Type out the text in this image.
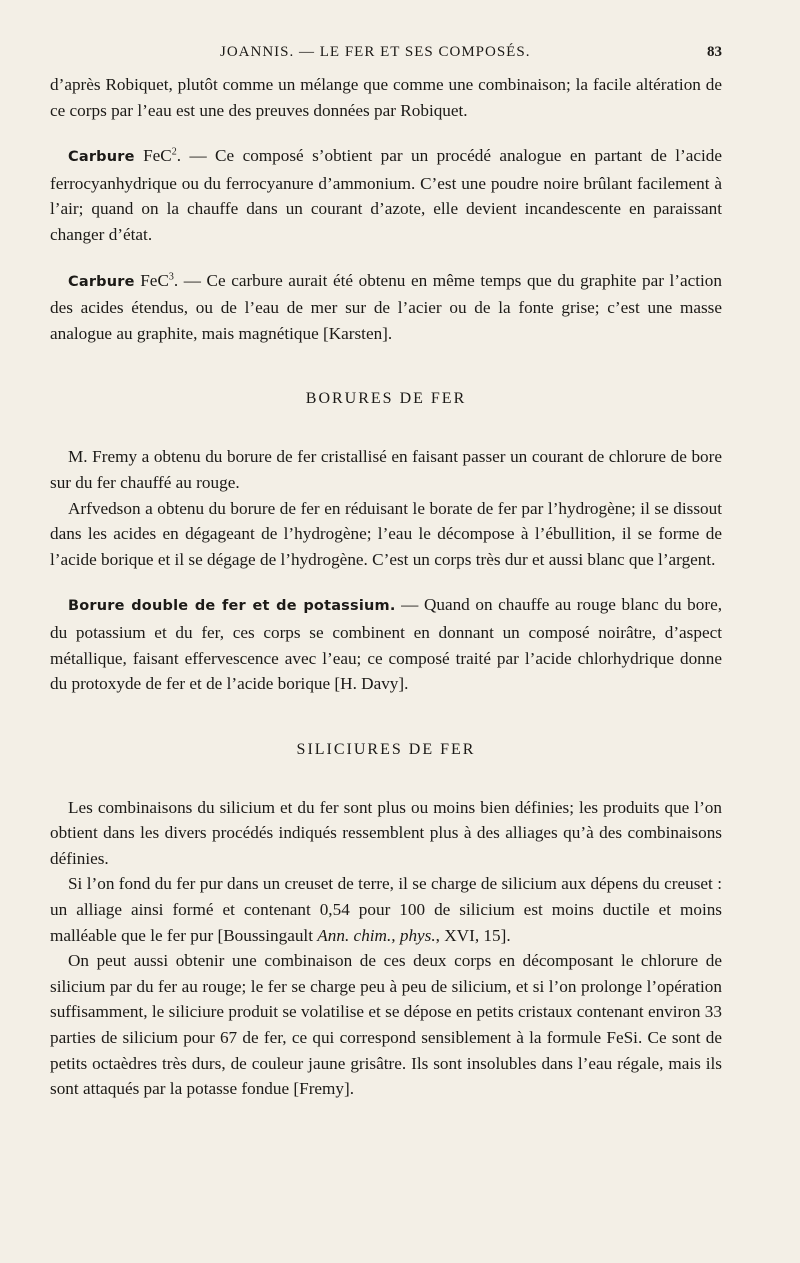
JOANNIS. — LE FER ET SES COMPOSÉS.	83

d’après Robiquet, plutôt comme un mélange que comme une combinaison; la facile altération de ce corps par l’eau est une des preuves données par Robiquet.

Carbure FeC$^2$. — Ce composé s’obtient par un procédé analogue en partant de l’acide ferrocyanhydrique ou du ferrocyanure d’ammonium. C’est une poudre noire brûlant facilement à l’air; quand on la chauffe dans un courant d’azote, elle devient incandescente en paraissant changer d’état.

Carbure FeC$^3$. — Ce carbure aurait été obtenu en même temps que du graphite par l’action des acides étendus, ou de l’eau de mer sur de l’acier ou de la fonte grise; c’est une masse analogue au graphite, mais magnétique [Karsten].

BORURES DE FER

M. Fremy a obtenu du borure de fer cristallisé en faisant passer un courant de chlorure de bore sur du fer chauffé au rouge.

Arfvedson a obtenu du borure de fer en réduisant le borate de fer par l’hydrogène; il se dissout dans les acides en dégageant de l’hydrogène; l’eau le décompose à l’ébullition, il se forme de l’acide borique et il se dégage de l’hydrogène. C’est un corps très dur et aussi blanc que l’argent.

Borure double de fer et de potassium. — Quand on chauffe au rouge blanc du bore, du potassium et du fer, ces corps se combinent en donnant un composé noirâtre, d’aspect métallique, faisant effervescence avec l’eau; ce composé traité par l’acide chlorhydrique donne du protoxyde de fer et de l’acide borique [H. Davy].

SILICIURES DE FER

Les combinaisons du silicium et du fer sont plus ou moins bien définies; les produits que l’on obtient dans les divers procédés indiqués ressemblent plus à des alliages qu’à des combinaisons définies.

Si l’on fond du fer pur dans un creuset de terre, il se charge de silicium aux dépens du creuset : un alliage ainsi formé et contenant 0,54 pour 100 de silicium est moins ductile et moins malléable que le fer pur [Boussingault Ann. chim., phys., XVI, 15].

On peut aussi obtenir une combinaison de ces deux corps en décomposant le chlorure de silicium par du fer au rouge; le fer se charge peu à peu de silicium, et si l’on prolonge l’opération suffisamment, le siliciure produit se volatilise et se dépose en petits cristaux contenant environ 33 parties de silicium pour 67 de fer, ce qui correspond sensiblement à la formule FeSi. Ce sont de petits octaèdres très durs, de couleur jaune grisâtre. Ils sont insolubles dans l’eau régale, mais ils sont attaqués par la potasse fondue [Fremy].
